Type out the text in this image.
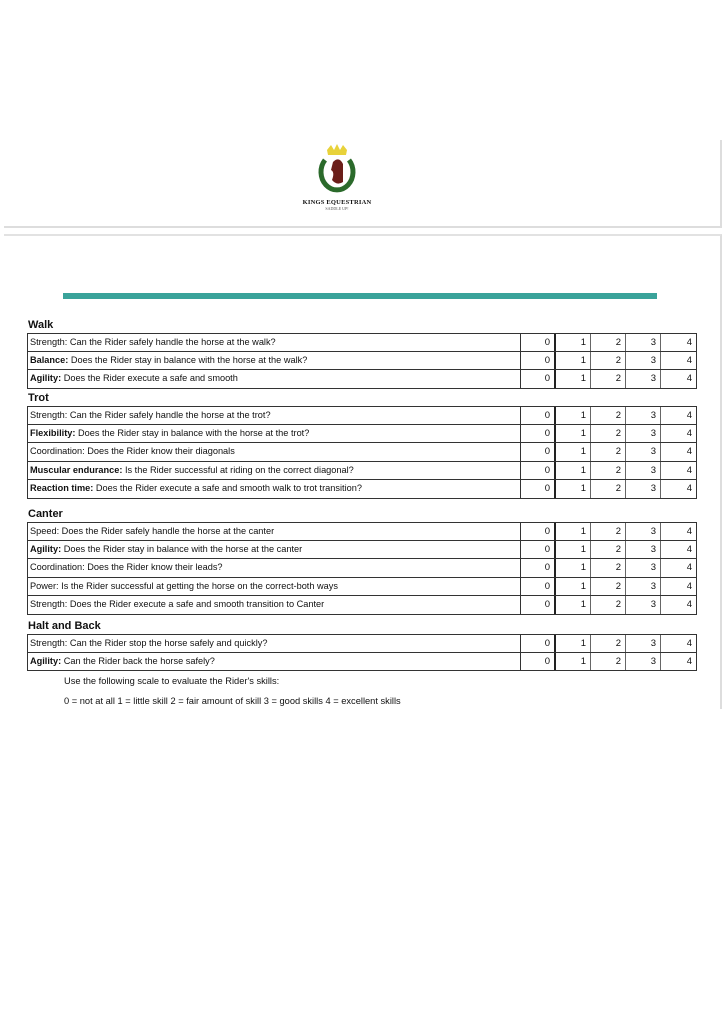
KINGS EQUESTRIAN
SADDLE UP!
Walk
Strength: Can the Rider safely handle the horse at the walk?	0	1	2	3	4
Balance: Does the Rider stay in balance with the horse at the walk?	0	1	2	3	4
Agility: Does the Rider execute a safe and smooth	0	1	2	3	4
Trot
Strength: Can the Rider safely handle the horse at the trot?	0	1	2	3	4
Flexibility: Does the Rider stay in balance with the horse at the trot?	0	1	2	3	4
Coordination: Does the Rider know their diagonals	0	1	2	3	4
Muscular endurance: Is the Rider successful at riding on the correct diagonal?	0	1	2	3	4
Reaction time: Does the Rider execute a safe and smooth walk to trot transition?	0	1	2	3	4
Canter
Speed: Does the Rider safely handle the horse at the canter	0	1	2	3	4
Agility: Does the Rider stay in balance with the horse at the canter	0	1	2	3	4
Coordination: Does the Rider know their leads?	0	1	2	3	4
Power: Is the Rider successful at getting the horse on the correct-both ways	0	1	2	3	4
Strength: Does the Rider execute a safe and smooth transition to Canter	0	1	2	3	4
Halt and Back
Strength: Can the Rider stop the horse safely and quickly?	0	1	2	3	4
Agility: Can the Rider back the horse safely?	0	1	2	3	4
Use the following scale to evaluate the Rider's skills:
0 = not at all 1 = little skill 2 = fair amount of skill 3 = good skills 4 = excellent skills
